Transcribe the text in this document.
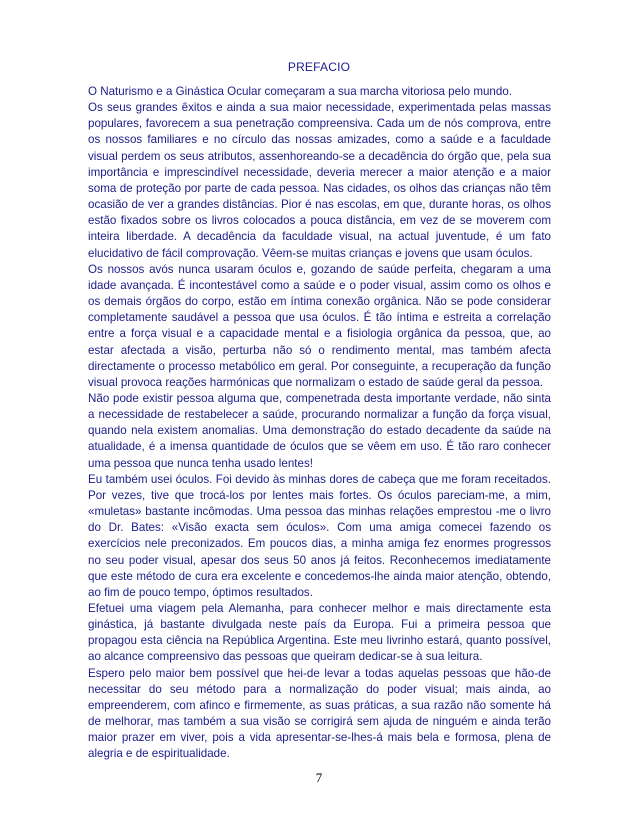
PREFACIO

O Naturismo e a Ginástica Ocular começaram a sua marcha vitoriosa pelo mundo.

Os seus grandes êxitos e ainda a sua maior necessidade, experimentada pelas massas populares, favorecem a sua penetração compreensiva. Cada um de nós comprova, entre os nossos familiares e no círculo das nossas amizades, como a saúde e a faculdade visual perdem os seus atributos, assenhoreando-se a decadência do órgão que, pela sua importância e imprescindível necessidade, deveria merecer a maior atenção e a maior soma de proteção por parte de cada pessoa. Nas cidades, os olhos das crianças não têm ocasião de ver a grandes distâncias. Pior é nas escolas, em que, durante horas, os olhos estão fixados sobre os livros colocados a pouca distância, em vez de se moverem com inteira liberdade. A decadência da faculdade visual, na actual juventude, é um fato elucidativo de fácil comprovação. Vêem-se muitas crianças e jovens que usam óculos.

Os nossos avós nunca usaram óculos e, gozando de saúde perfeita, chegaram a uma idade avançada. É incontestável como a saúde e o poder visual, assim como os olhos e os demais órgãos do corpo, estão em íntima conexão orgânica. Não se pode considerar completamente saudável a pessoa que usa óculos. É tão íntima e estreita a correlação entre a força visual e a capacidade mental e a fisiologia orgânica da pessoa, que, ao estar afectada a visão, perturba não só o rendimento mental, mas também afecta directamente o processo metabólico em geral. Por conseguinte, a recuperação da função visual provoca reações harmónicas que normalizam o estado de saúde geral da pessoa.

Não pode existir pessoa alguma que, compenetrada desta importante verdade, não sinta a necessidade de restabelecer a saúde, procurando normalizar a função da força visual, quando nela existem anomalias. Uma demonstração do estado decadente da saúde na atualidade, é a imensa quantidade de óculos que se vêem em uso. É tão raro conhecer uma pessoa que nunca tenha usado lentes!

Eu também usei óculos. Foi devido às minhas dores de cabeça que me foram receitados. Por vezes, tive que trocá-los por lentes mais fortes. Os óculos pareciam-me, a mim, «muletas» bastante incômodas. Uma pessoa das minhas relações emprestou -me o livro do Dr. Bates: «Visão exacta sem óculos». Com uma amiga comecei fazendo os exercícios nele preconizados. Em poucos dias, a minha amiga fez enormes progressos no seu poder visual, apesar dos seus 50 anos já feitos. Reconhecemos imediatamente que este método de cura era excelente e concedemos-lhe ainda maior atenção, obtendo, ao fim de pouco tempo, óptimos resultados.

Efetuei uma viagem pela Alemanha, para conhecer melhor e mais directamente esta ginástica, já bastante divulgada neste país da Europa. Fui a primeira pessoa que propagou esta ciência na República Argentina. Este meu livrinho estará, quanto possível, ao alcance compreensivo das pessoas que queiram dedicar-se à sua leitura.

Espero pelo maior bem possível que hei-de levar a todas aquelas pessoas que hão-de necessitar do seu método para a normalização do poder visual; mais ainda, ao empreenderem, com afinco e firmemente, as suas práticas, a sua razão não somente há de melhorar, mas também a sua visão se corrigirá sem ajuda de ninguém e ainda terão maior prazer em viver, pois a vida apresentar-se-lhes-á mais bela e formosa, plena de alegria e de espiritualidade.

7
